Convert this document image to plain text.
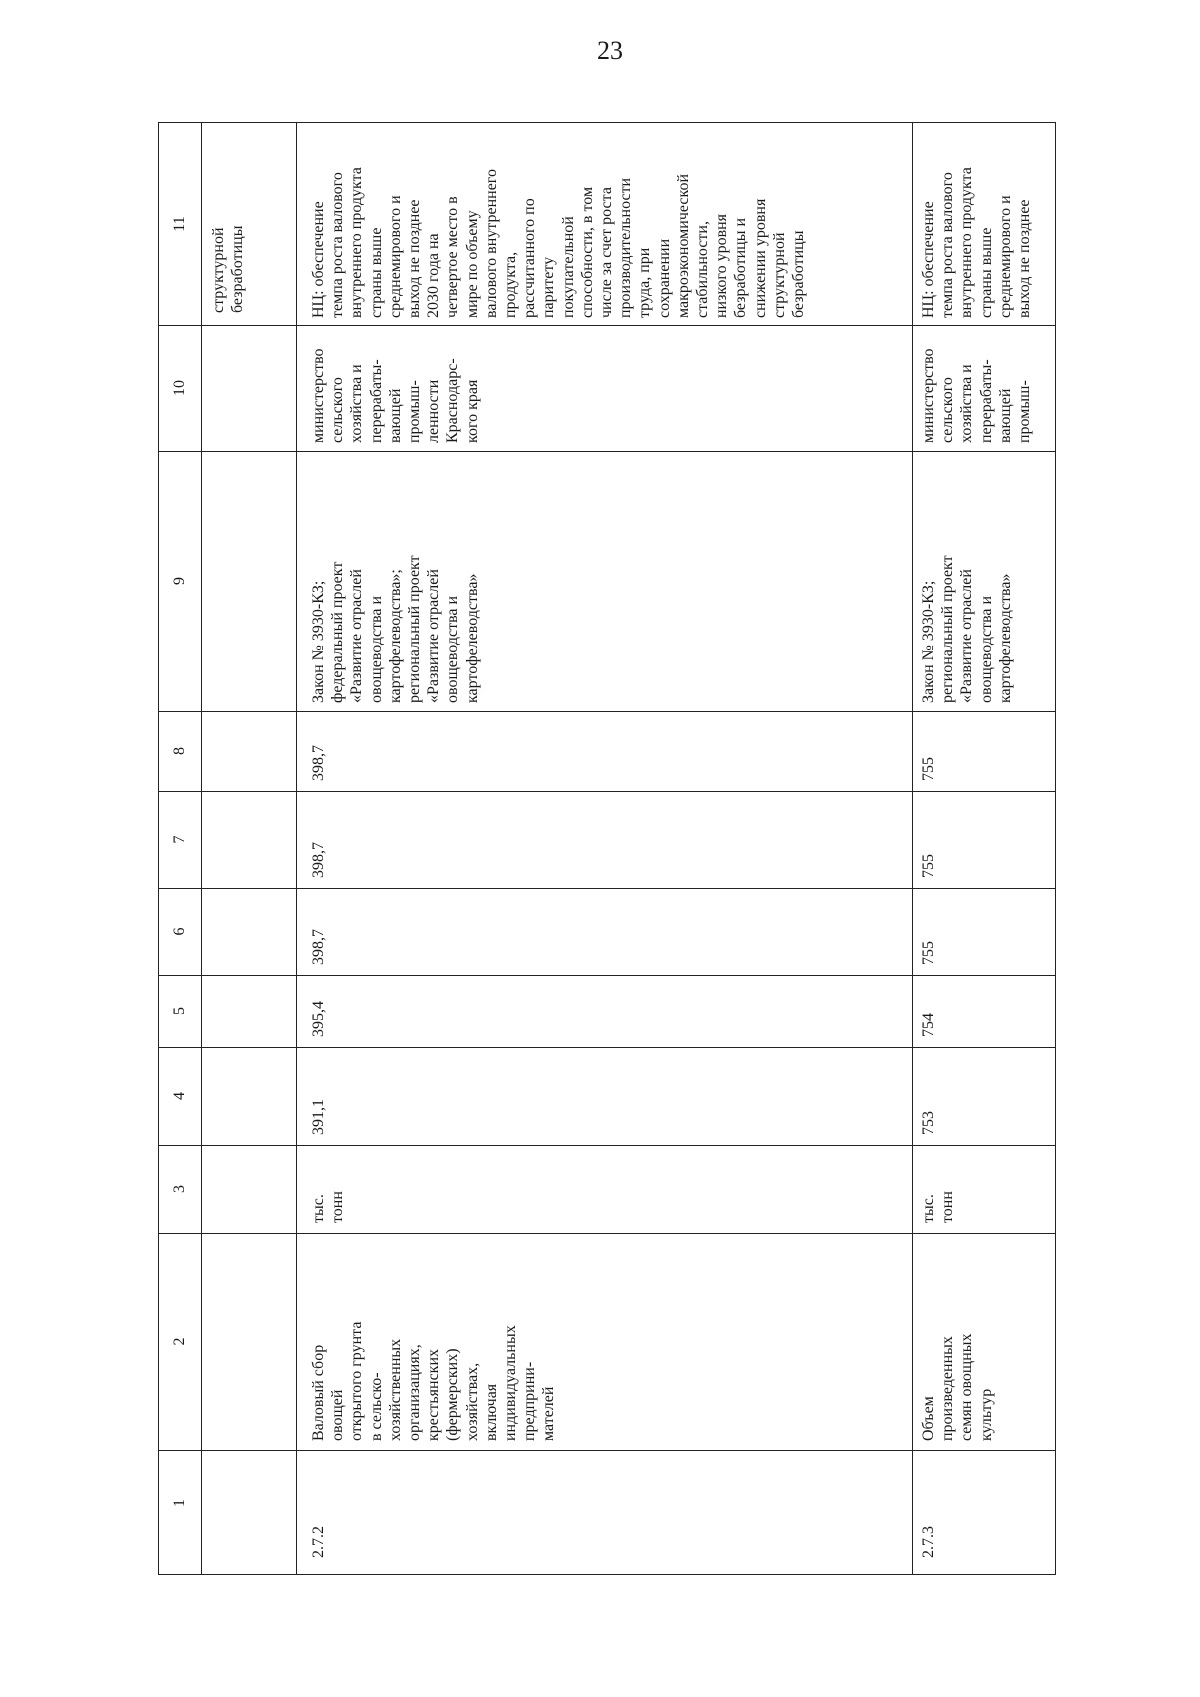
23
1
2
3
4
5
6
7
8
9
10
11
структурной
безработицы
2.7.2
Валовый сбор
овощей
открытого грунта
в сельско-
хозяйственных
организациях,
крестьянских
(фермерских)
хозяйствах,
включая
индивидуальных
предприни-
мателей
тыс.
тонн
391,1
395,4
398,7
398,7
398,7
Закон № 3930-КЗ;
федеральный проект
«Развитие отраслей
овощеводства и
картофелеводства»;
региональный проект
«Развитие отраслей
овощеводства и
картофелеводства»
министерство
сельского
хозяйства и
перерабаты-
вающей
промыш-
ленности
Краснодарс-
кого края
НЦ: обеспечение
темпа роста валового
внутреннего продукта
страны выше
среднемирового и
выход не позднее
2030 года на
четвертое место в
мире по объему
валового внутреннего
продукта,
рассчитанного по
паритету
покупательной
способности, в том
числе за счет роста
производительности
труда, при
сохранении
макроэкономической
стабильности,
низкого уровня
безработицы и
снижении уровня
структурной
безработицы
2.7.3
Объем
произведенных
семян овощных
культур
тыс.
тонн
753
754
755
755
755
Закон № 3930-КЗ;
региональный проект
«Развитие отраслей
овощеводства и
картофелеводства»
министерство
сельского
хозяйства и
перерабаты-
вающей
промыш-
НЦ: обеспечение
темпа роста валового
внутреннего продукта
страны выше
среднемирового и
выход не позднее
